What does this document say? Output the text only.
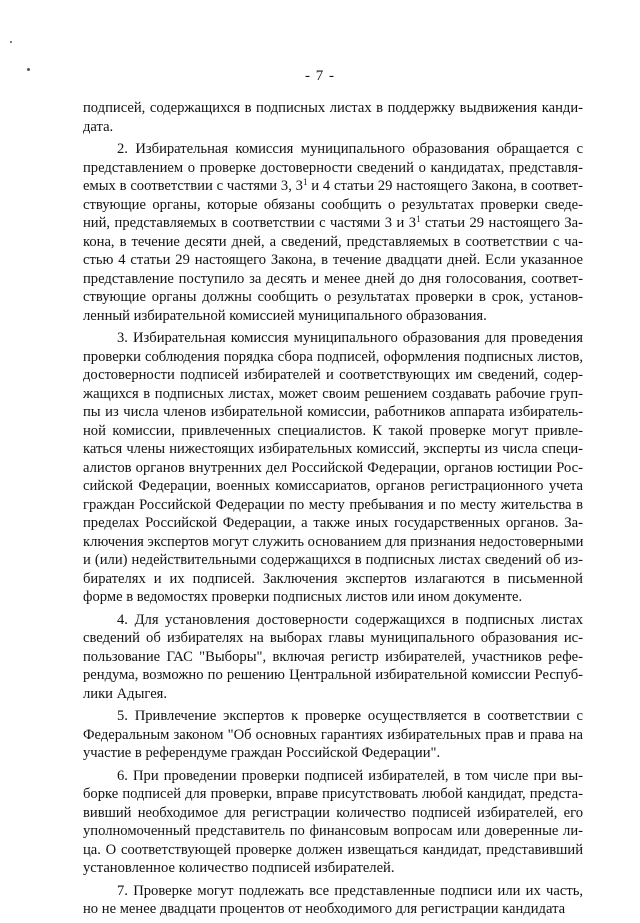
- 7 -

подписей, содержащихся в подписных листах в поддержку выдвижения канди-
дата.

2. Избирательная комиссия муниципального образования обращается с
представлением о проверке достоверности сведений о кандидатах, представля-
емых в соответствии с частями 3, $3^1$ и 4 статьи 29 настоящего Закона, в соответ-
ствующие органы, которые обязаны сообщить о результатах проверки сведе-
ний, представляемых в соответствии с частями 3 и $3^1$ статьи 29 настоящего За-
кона, в течение десяти дней, а сведений, представляемых в соответствии с ча-
стью 4 статьи 29 настоящего Закона, в течение двадцати дней. Если указанное
представление поступило за десять и менее дней до дня голосования, соответ-
ствующие органы должны сообщить о результатах проверки в срок, установ-
ленный избирательной комиссией муниципального образования.

3. Избирательная комиссия муниципального образования для проведения
проверки соблюдения порядка сбора подписей, оформления подписных листов,
достоверности подписей избирателей и соответствующих им сведений, содер-
жащихся в подписных листах, может своим решением создавать рабочие груп-
пы из числа членов избирательной комиссии, работников аппарата избиратель-
ной комиссии, привлеченных специалистов. К такой проверке могут привле-
каться члены нижестоящих избирательных комиссий, эксперты из числа специ-
алистов органов внутренних дел Российской Федерации, органов юстиции Рос-
сийской Федерации, военных комиссариатов, органов регистрационного учета
граждан Российской Федерации по месту пребывания и по месту жительства в
пределах Российской Федерации, а также иных государственных органов. За-
ключения экспертов могут служить основанием для признания недостоверными
и (или) недействительными содержащихся в подписных листах сведений об из-
бирателях и их подписей. Заключения экспертов излагаются в письменной
форме в ведомостях проверки подписных листов или ином документе.

4. Для установления достоверности содержащихся в подписных листах
сведений об избирателях на выборах главы муниципального образования ис-
пользование ГАС "Выборы", включая регистр избирателей, участников рефе-
рендума, возможно по решению Центральной избирательной комиссии Респуб-
лики Адыгея.

5. Привлечение экспертов к проверке осуществляется в соответствии с
Федеральным законом "Об основных гарантиях избирательных прав и права на
участие в референдуме граждан Российской Федерации".

6. При проведении проверки подписей избирателей, в том числе при вы-
борке подписей для проверки, вправе присутствовать любой кандидат, предста-
вивший необходимое для регистрации количество подписей избирателей, его
уполномоченный представитель по финансовым вопросам или доверенные ли-
ца. О соответствующей проверке должен извещаться кандидат, представивший
установленное количество подписей избирателей.

7. Проверке могут подлежать все представленные подписи или их часть,
но не менее двадцати процентов от необходимого для регистрации кандидата
